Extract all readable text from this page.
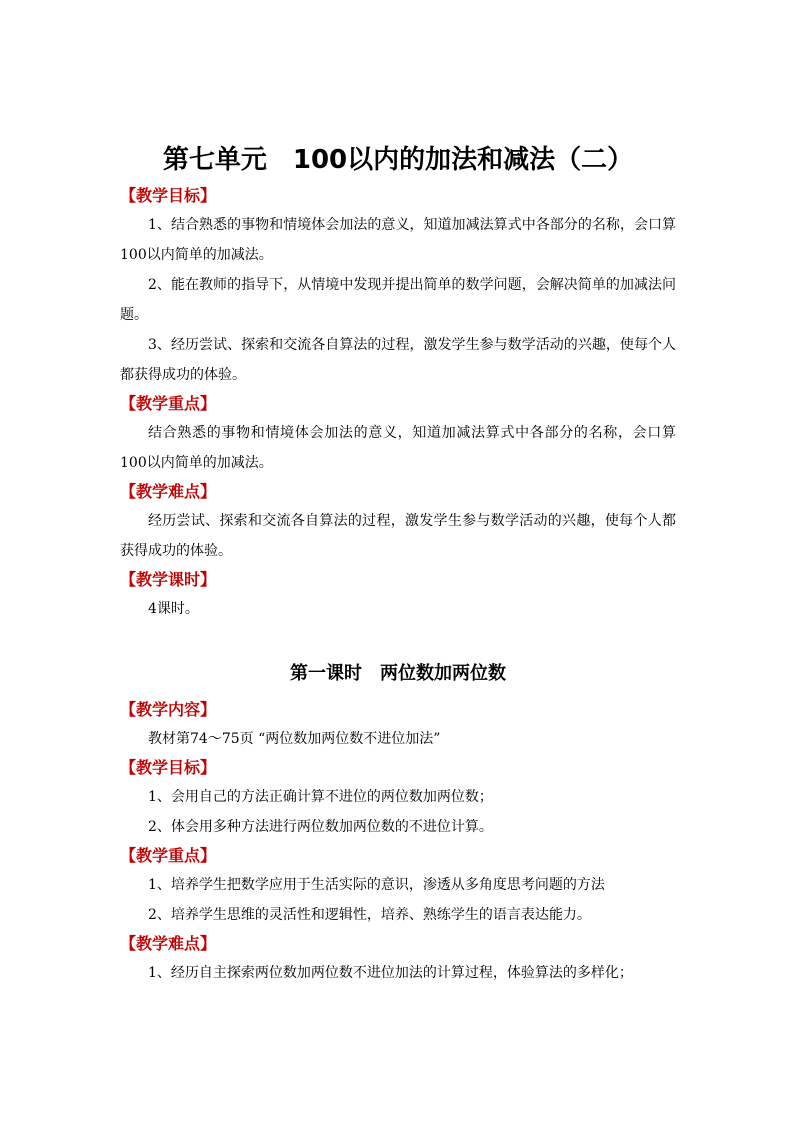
第七单元　100以内的加法和减法（二）
【教学目标】

1、结合熟悉的事物和情境体会加法的意义，知道加减法算式中各部分的名称，会口算100以内简单的加减法。

2、能在教师的指导下，从情境中发现并提出简单的数学问题，会解决简单的加减法问题。

3、经历尝试、探索和交流各自算法的过程，激发学生参与数学活动的兴趣，使每个人都获得成功的体验。

【教学重点】

结合熟悉的事物和情境体会加法的意义，知道加减法算式中各部分的名称，会口算100以内简单的加减法。

【教学难点】

经历尝试、探索和交流各自算法的过程，激发学生参与数学活动的兴趣，使每个人都获得成功的体验。

【教学课时】

4课时。

第一课时　两位数加两位数
【教学内容】

教材第74～75页 “两位数加两位数不进位加法”

【教学目标】

1、会用自己的方法正确计算不进位的两位数加两位数；

2、体会用多种方法进行两位数加两位数的不进位计算。

【教学重点】

1、培养学生把数学应用于生活实际的意识，渗透从多角度思考问题的方法

2、培养学生思维的灵活性和逻辑性，培养、熟练学生的语言表达能力。

【教学难点】

1、经历自主探索两位数加两位数不进位加法的计算过程，体验算法的多样化；
